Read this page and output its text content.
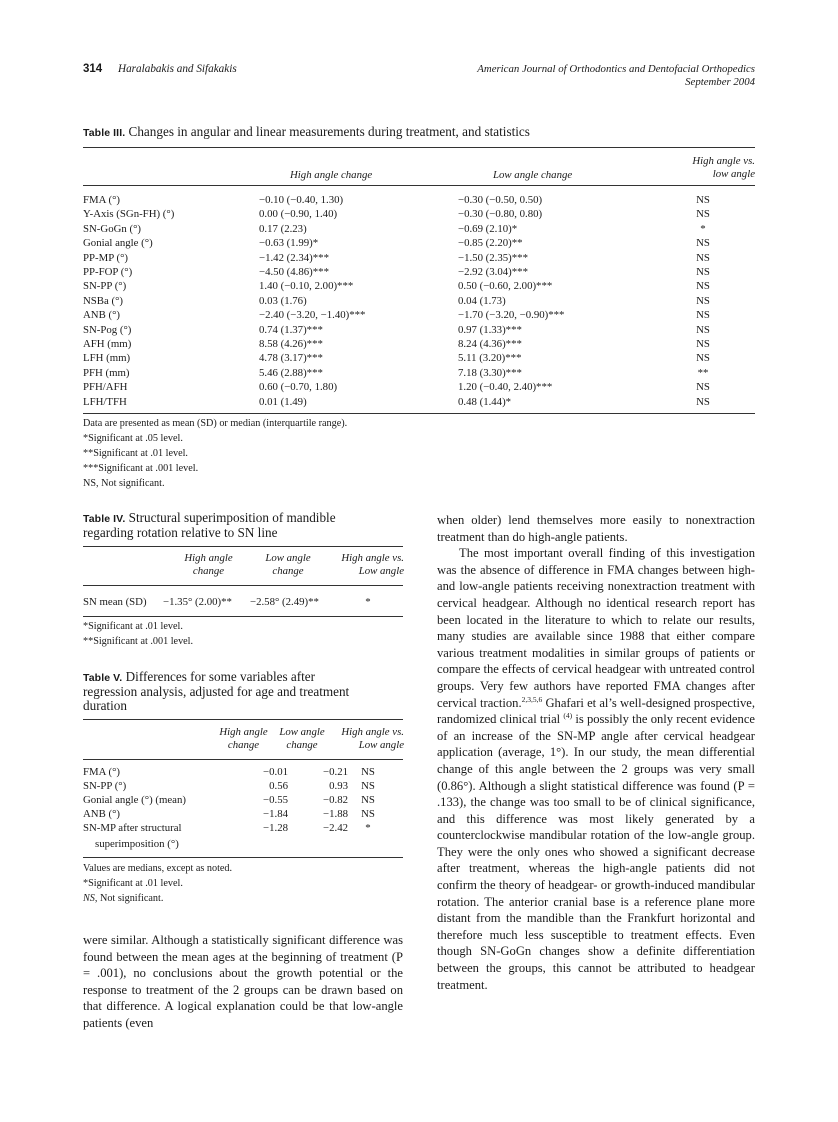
314 Haralabakis and Sifakakis	American Journal of Orthodontics and Dentofacial Orthopedics
September 2004
Table III. Changes in angular and linear measurements during treatment, and statistics
High angle change	Low angle change
High angle vs.
low angle
FMA (°)	−0.10 (−0.40, 1.30)	−0.30 (−0.50, 0.50)	NS
Y-Axis (SGn-FH) (°)	0.00 (−0.90, 1.40)	−0.30 (−0.80, 0.80)	NS
SN-GoGn (°)	0.17 (2.23)	−0.69 (2.10)*	*
Gonial angle (°)	−0.63 (1.99)*	−0.85 (2.20)**	NS
PP-MP (°)	−1.42 (2.34)***	−1.50 (2.35)***	NS
PP-FOP (°)	−4.50 (4.86)***	−2.92 (3.04)***	NS
SN-PP (°)	1.40 (−0.10, 2.00)***	0.50 (−0.60, 2.00)***	NS
NSBa (°)	0.03 (1.76)	0.04 (1.73)	NS
ANB (°)	−2.40 (−3.20, −1.40)***	−1.70 (−3.20, −0.90)***	NS
SN-Pog (°)	0.74 (1.37)***	0.97 (1.33)***	NS
AFH (mm)	8.58 (4.26)***	8.24 (4.36)***	NS
LFH (mm)	4.78 (3.17)***	5.11 (3.20)***	NS
PFH (mm)	5.46 (2.88)***	7.18 (3.30)***	**
PFH/AFH	0.60 (−0.70, 1.80)	1.20 (−0.40, 2.40)***	NS
LFH/TFH	0.01 (1.49)	0.48 (1.44)*	NS
Data are presented as mean (SD) or median (interquartile range).
*Significant at .05 level.
**Significant at .01 level.
***Significant at .001 level.
NS, Not significant.
Table IV. Structural superimposition of mandible
regarding rotation relative to SN line
High angle
change
Low angle
change
High angle vs.
Low angle
SN mean (SD) −1.35° (2.00)** −2.58° (2.49)**	*
*Significant at .01 level.
**Significant at .001 level.
Table V. Differences for some variables after
regression analysis, adjusted for age and treatment
duration
High angle
change
Low angle
change
High angle vs.
Low angle
FMA (°)	−0.01	−0.21	NS
SN-PP (°)	0.56	0.93	NS
Gonial angle (°) (mean)	−0.55	−0.82	NS
ANB (°)	−1.84	−1.88	NS
SN-MP after structural	−1.28	−2.42	*
superimposition (°)
Values are medians, except as noted.
*Significant at .01 level.
NS, Not significant.

were similar. Although a statistically significant difference was found between the mean ages at the beginning of treatment (P = .001), no conclusions about the growth potential or the response to treatment of the 2 groups can be drawn based on that difference. A logical explanation could be that low-angle patients (even

when older) lend themselves more easily to nonextraction treatment than do high-angle patients.

The most important overall finding of this investigation was the absence of difference in FMA changes between high- and low-angle patients receiving nonextraction treatment with cervical headgear. Although no identical research report has been located in the literature to which to relate our results, many studies are available since 1988 that either compare various treatment modalities in similar groups of patients or compare the effects of cervical headgear with untreated control groups. Very few authors have reported FMA changes after cervical traction.$^{2,3,5,6}$ Ghafari et al’s well-designed prospective, randomized clinical trial $^{(4)}$ is possibly the only recent evidence of an increase of the SN-MP angle after cervical headgear application (average, 1°). In our study, the mean differential change of this angle between the 2 groups was very small (0.86°). Although a slight statistical difference was found (P = .133), the change was too small to be of clinical significance, and this difference was most likely generated by a counterclockwise mandibular rotation of the low-angle group. They were the only ones who showed a significant decrease after treatment, whereas the high-angle patients did not confirm the theory of headgear- or growth-induced mandibular rotation. The anterior cranial base is a reference plane more distant from the mandible than the Frankfurt horizontal and therefore much less susceptible to treatment effects. Even though SN-GoGn changes show a definite differentiation between the groups, this cannot be attributed to headgear treatment.
